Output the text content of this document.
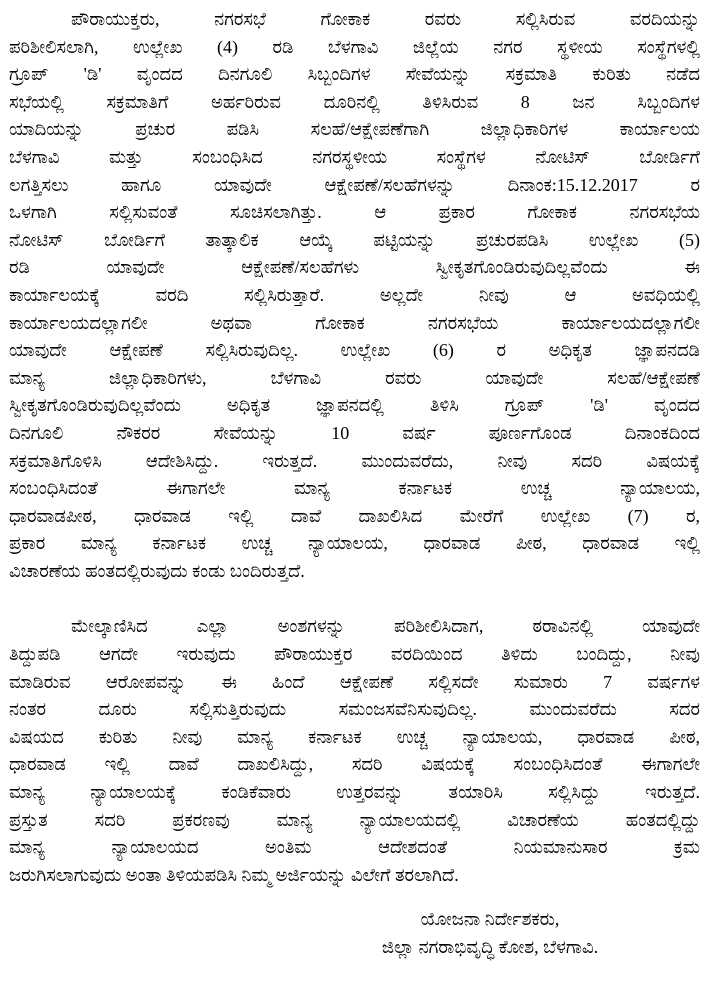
ಪೌರಾಯುಕ್ತರು, ನಗರಸಭೆ ಗೋಕಾಕ ರವರು ಸಲ್ಲಿಸಿರುವ ವರದಿಯನ್ನು
ಪರಿಶೀಲಿಸಲಾಗಿ, ಉಲ್ಲೇಖ (4) ರಡಿ ಬೆಳಗಾವಿ ಜಿಲ್ಲೆಯ ನಗರ ಸ್ಥಳೀಯ ಸಂಸ್ಥೆಗಳಲ್ಲಿ
ಗ್ರೂಪ್ 'ಡಿ' ವೃಂದದ ದಿನಗೂಲಿ ಸಿಬ್ಬಂದಿಗಳ ಸೇವೆಯನ್ನು ಸಕ್ರಮಾತಿ ಕುರಿತು ನಡೆದ
ಸಭೆಯಲ್ಲಿ ಸಕ್ರಮಾತಿಗೆ ಅರ್ಹರಿರುವ ದೂರಿನಲ್ಲಿ ತಿಳಿಸಿರುವ 8 ಜನ ಸಿಬ್ಬಂದಿಗಳ
ಯಾದಿಯನ್ನು ಪ್ರಚುರ ಪಡಿಸಿ ಸಲಹೆ/ಆಕ್ಷೇಪಣೆಗಾಗಿ ಜಿಲ್ಲಾಧಿಕಾರಿಗಳ ಕಾರ್ಯಾಲಯ
ಬೆಳಗಾವಿ ಮತ್ತು ಸಂಬಂಧಿಸಿದ ನಗರಸ್ಥಳೀಯ ಸಂಸ್ಥೆಗಳ ನೋಟಿಸ್ ಬೋರ್ಡಿಗೆ
ಲಗತ್ತಿಸಲು ಹಾಗೂ ಯಾವುದೇ ಆಕ್ಷೇಪಣೆ/ಸಲಹೆಗಳನ್ನು ದಿನಾಂಕ:15.12.2017 ರ
ಒಳಗಾಗಿ ಸಲ್ಲಿಸುವಂತೆ ಸೂಚಿಸಲಾಗಿತ್ತು. ಆ ಪ್ರಕಾರ ಗೋಕಾಕ ನಗರಸಭೆಯ
ನೋಟಿಸ್ ಬೋರ್ಡಿಗೆ ತಾತ್ಕಾಲಿಕ ಆಯ್ಕೆ ಪಟ್ಟಿಯನ್ನು ಪ್ರಚುರಪಡಿಸಿ ಉಲ್ಲೇಖ (5)
ರಡಿ ಯಾವುದೇ ಆಕ್ಷೇಪಣೆ/ಸಲಹೆಗಳು ಸ್ವೀಕೃತಗೊಂಡಿರುವುದಿಲ್ಲವೆಂದು ಈ
ಕಾರ್ಯಾಲಯಕ್ಕೆ ವರದಿ ಸಲ್ಲಿಸಿರುತ್ತಾರೆ. ಅಲ್ಲದೇ ನೀವು ಆ ಅವಧಿಯಲ್ಲಿ
ಕಾರ್ಯಾಲಯದಲ್ಲಾಗಲೀ ಅಥವಾ ಗೋಕಾಕ ನಗರಸಭೆಯ ಕಾರ್ಯಾಲಯದಲ್ಲಾಗಲೀ
ಯಾವುದೇ ಆಕ್ಷೇಪಣೆ ಸಲ್ಲಿಸಿರುವುದಿಲ್ಲ. ಉಲ್ಲೇಖ (6) ರ ಅಧಿಕೃತ ಜ್ಞಾಪನದಡಿ
ಮಾನ್ಯ ಜಿಲ್ಲಾಧಿಕಾರಿಗಳು, ಬೆಳಗಾವಿ ರವರು ಯಾವುದೇ ಸಲಹೆ/ಆಕ್ಷೇಪಣೆ
ಸ್ವೀಕೃತಗೊಂಡಿರುವುದಿಲ್ಲವೆಂದು ಅಧಿಕೃತ ಜ್ಞಾಪನದಲ್ಲಿ ತಿಳಿಸಿ ಗ್ರೂಪ್ 'ಡಿ' ವೃಂದದ
ದಿನಗೂಲಿ ನೌಕರರ ಸೇವೆಯನ್ನು 10 ವರ್ಷ ಪೂರ್ಣಗೊಂಡ ದಿನಾಂಕದಿಂದ
ಸಕ್ರಮಾತಿಗೊಳಿಸಿ ಆದೇಶಿಸಿದ್ದು. ಇರುತ್ತದೆ. ಮುಂದುವರೆದು, ನೀವು ಸದರಿ ವಿಷಯಕ್ಕೆ
ಸಂಬಂಧಿಸಿದಂತೆ ಈಗಾಗಲೇ ಮಾನ್ಯ ಕರ್ನಾಟಕ ಉಚ್ಚ ನ್ಯಾಯಾಲಯ,
ಧಾರವಾಡಪೀಠ, ಧಾರವಾಡ ಇಲ್ಲಿ ದಾವೆ ದಾಖಲಿಸಿದ ಮೇರೆಗೆ ಉಲ್ಲೇಖ (7) ರ,
ಪ್ರಕಾರ ಮಾನ್ಯ ಕರ್ನಾಟಕ ಉಚ್ಚ ನ್ಯಾಯಾಲಯ, ಧಾರವಾಡ ಪೀಠ, ಧಾರವಾಡ ಇಲ್ಲಿ
ವಿಚಾರಣೆಯ ಹಂತದಲ್ಲಿರುವುದು ಕಂಡು ಬಂದಿರುತ್ತದೆ.
ಮೇಲ್ಕಾಣಿಸಿದ ಎಲ್ಲಾ ಅಂಶಗಳನ್ನು ಪರಿಶೀಲಿಸಿದಾಗ, ಠರಾವಿನಲ್ಲಿ ಯಾವುದೇ
ತಿದ್ದುಪಡಿ ಆಗದೇ ಇರುವುದು ಪೌರಾಯುಕ್ತರ ವರದಿಯಿಂದ ತಿಳಿದು ಬಂದಿದ್ದು, ನೀವು
ಮಾಡಿರುವ ಆರೋಪವನ್ನು ಈ ಹಿಂದೆ ಆಕ್ಷೇಪಣೆ ಸಲ್ಲಿಸದೇ ಸುಮಾರು 7 ವರ್ಷಗಳ
ನಂತರ ದೂರು ಸಲ್ಲಿಸುತ್ತಿರುವುದು ಸಮಂಜಸವೆನಿಸುವುದಿಲ್ಲ. ಮುಂದುವರೆದು ಸದರ
ವಿಷಯದ ಕುರಿತು ನೀವು ಮಾನ್ಯ ಕರ್ನಾಟಕ ಉಚ್ಚ ನ್ಯಾಯಾಲಯ, ಧಾರವಾಡ ಪೀಠ,
ಧಾರವಾಡ ಇಲ್ಲಿ ದಾವೆ ದಾಖಲಿಸಿದ್ದು, ಸದರಿ ವಿಷಯಕ್ಕೆ ಸಂಬಂಧಿಸಿದಂತೆ ಈಗಾಗಲೇ
ಮಾನ್ಯ ನ್ಯಾಯಾಲಯಕ್ಕೆ ಕಂಡಿಕೆವಾರು ಉತ್ತರವನ್ನು ತಯಾರಿಸಿ ಸಲ್ಲಿಸಿದ್ದು ಇರುತ್ತದೆ.
ಪ್ರಸ್ತುತ ಸದರಿ ಪ್ರಕರಣವು ಮಾನ್ಯ ನ್ಯಾಯಾಲಯದಲ್ಲಿ ವಿಚಾರಣೆಯ ಹಂತದಲ್ಲಿದ್ದು
ಮಾನ್ಯ ನ್ಯಾಯಾಲಯದ ಅಂತಿಮ ಆದೇಶದಂತೆ ನಿಯಮಾನುಸಾರ ಕ್ರಮ
ಜರುಗಿಸಲಾಗುವುದು ಅಂತಾ ತಿಳಿಯಪಡಿಸಿ ನಿಮ್ಮ ಅರ್ಜಿಯನ್ನು ವಿಲೇಗೆ ತರಲಾಗಿದೆ.
ಯೋಜನಾ ನಿರ್ದೇಶಕರು,
ಜಿಲ್ಲಾ ನಗರಾಭಿವೃದ್ಧಿ ಕೋಶ, ಬೆಳಗಾವಿ.
